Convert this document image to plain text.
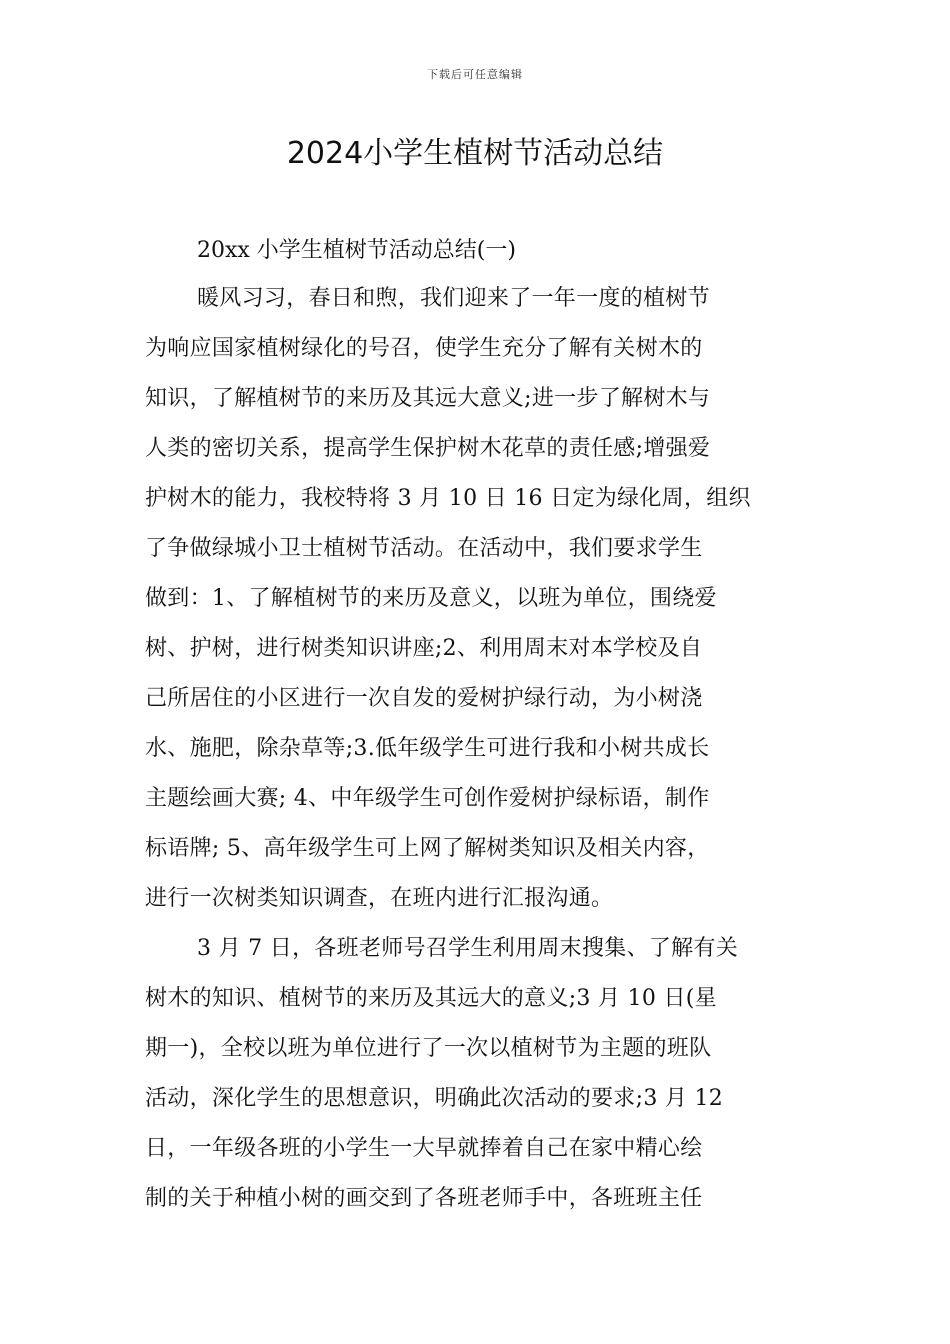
下载后可任意编辑
2024小学生植树节活动总结
20xx 小学生植树节活动总结(一)
暖风习习，春日和煦，我们迎来了一年一度的植树节
为响应国家植树绿化的号召，使学生充分了解有关树木的
知识，了解植树节的来历及其远大意义;进一步了解树木与
人类的密切关系，提高学生保护树木花草的责任感;增强爱
护树木的能力，我校特将 3 月 10 日 16 日定为绿化周，组织
了争做绿城小卫士植树节活动。在活动中，我们要求学生
做到：1、了解植树节的来历及意义，以班为单位，围绕爱
树、护树，进行树类知识讲座;2、利用周末对本学校及自
己所居住的小区进行一次自发的爱树护绿行动，为小树浇
水、施肥，除杂草等;3.低年级学生可进行我和小树共成长
主题绘画大赛; 4、中年级学生可创作爱树护绿标语，制作
标语牌; 5、高年级学生可上网了解树类知识及相关内容，
进行一次树类知识调查，在班内进行汇报沟通。
3 月 7 日，各班老师号召学生利用周末搜集、了解有关
树木的知识、植树节的来历及其远大的意义;3 月 10 日(星
期一)，全校以班为单位进行了一次以植树节为主题的班队
活动，深化学生的思想意识，明确此次活动的要求;3 月 12
日，一年级各班的小学生一大早就捧着自己在家中精心绘
制的关于种植小树的画交到了各班老师手中，各班班主任
